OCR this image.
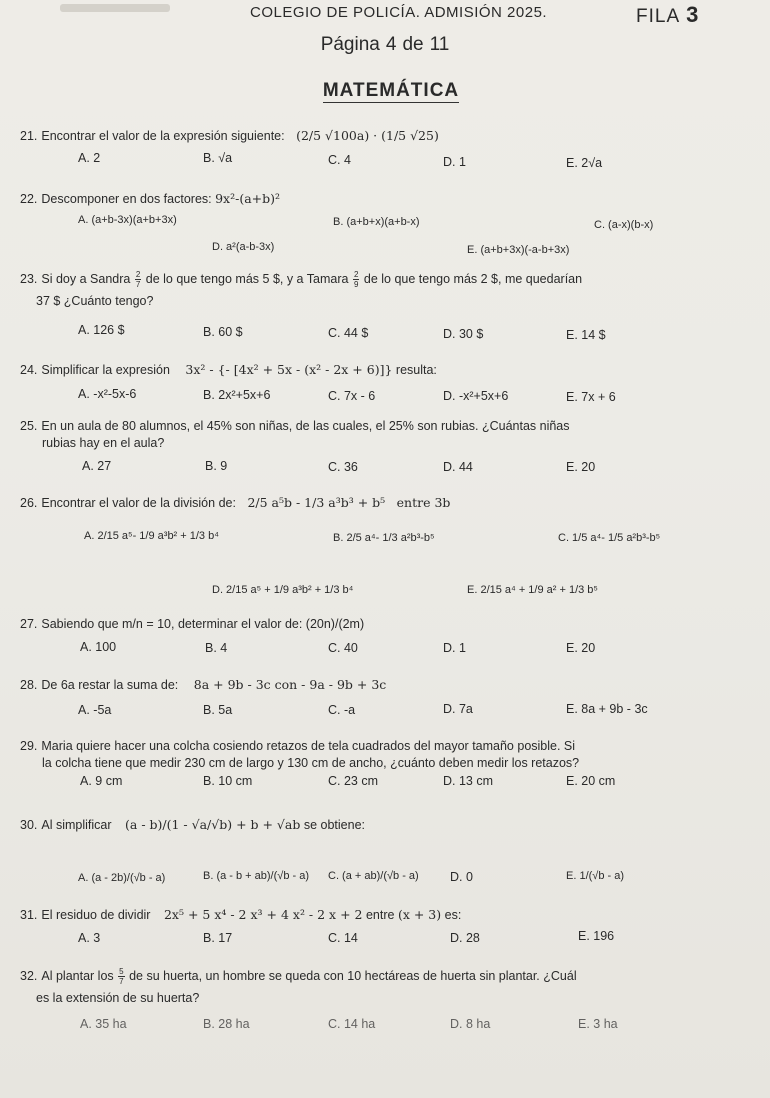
COLEGIO DE POLICÍA. ADMISIÓN 2025.	FILA 3
Página 4 de 11
MATEMÁTICA
21. Encontrar el valor de la expresión siguiente: (2/5 √100a) · (1/5 √25)
A. 2	B. √a	C. 4	D. 1	E. 2√a
22. Descomponer en dos factores: 9x²-(a+b)²
A. (a+b-3x)(a+b+3x)	B. (a+b+x)(a+b-x)	C. (a-x)(b-x)
D. a²(a-b-3x)	E. (a+b+3x)(-a-b+3x)
23. Si doy a Sandra $\frac{2}{7}$ de lo que tengo más 5 $, y a Tamara $\frac{2}{9}$ de lo que tengo más 2 $, me quedarían
37 $ ¿Cuánto tengo?
A. 126 $	B. 60 $	C. 44 $	D. 30 $	E. 14 $
24. Simplificar la expresión 3x² - {- [4x² + 5x - (x² - 2x + 6)]} resulta:
A. -x²-5x-6	B. 2x²+5x+6	C. 7x - 6	D. -x²+5x+6	E. 7x + 6
25. En un aula de 80 alumnos, el 45% son niñas, de las cuales, el 25% son rubias. ¿Cuántas niñas
rubias hay en el aula?
A. 27	B. 9	C. 36	D. 44	E. 20
26. Encontrar el valor de la división de: 2/5 a⁵b - 1/3 a³b³ + b⁵ entre 3b
A. 2/15 a⁵- 1/9 a³b² + 1/3 b⁴	B. 2/5 a⁴- 1/3 a²b³-b⁵	C. 1/5 a⁴- 1/5 a²b³-b⁵
D. 2/15 a⁵ + 1/9 a³b² + 1/3 b⁴	E. 2/15 a⁴ + 1/9 a² + 1/3 b⁵
27. Sabiendo que m/n = 10, determinar el valor de: (20n)/(2m)
A. 100	B. 4	C. 40	D. 1	E. 20
28. De 6a restar la suma de: 8a + 9b - 3c con - 9a - 9b + 3c
A. -5a	B. 5a	C. -a	D. 7a	E. 8a + 9b - 3c
29. Maria quiere hacer una colcha cosiendo retazos de tela cuadrados del mayor tamaño posible. Si
la colcha tiene que medir 230 cm de largo y 130 cm de ancho, ¿cuánto deben medir los retazos?
A. 9 cm	B. 10 cm	C. 23 cm	D. 13 cm	E. 20 cm
30. Al simplificar (a - b)/(1 - √a/√b) + b + √ab se obtiene:
A. (a - 2b)/(√b - a)	B. (a - b + ab)/(√b - a) C. (a + ab)/(√b - a)	D. 0	E. 1/(√b - a)
31. El residuo de dividir 2x⁵ + 5 x⁴ - 2 x³ + 4 x² - 2 x + 2 entre (x + 3) es:
A. 3	B. 17	C. 14	D. 28	E. 196
32. Al plantar los $\frac{5}{7}$ de su huerta, un hombre se queda con 10 hectáreas de huerta sin plantar. ¿Cuál
es la extensión de su huerta?
A. 35 ha	B. 28 ha	C. 14 ha	D. 8 ha	E. 3 ha
